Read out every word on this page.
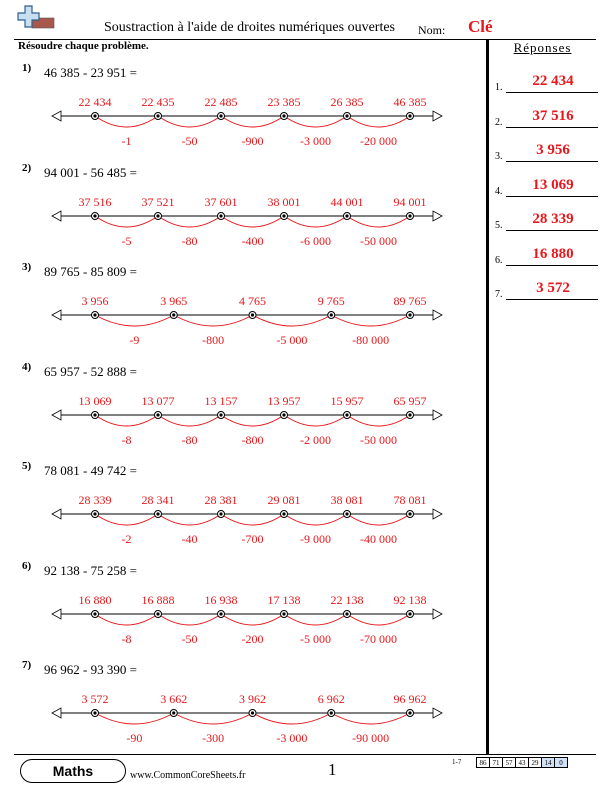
Soustraction à l'aide de droites numériques ouvertes Nom: Clé
Résoudre chaque problème.	Réponses
1.	22 434
2.	37 516
3.	3 956
4.	13 069
5.	28 339
6.	16 880
7.	3 572
1) 46 385 - 23 951 =
-1	-50	-900	-3 000 -20 000
22 434	22 435	22 485	23 385	26 385	46 385
2) 94 001 - 56 485 =
-5	-80	-400	-6 000 -50 000
37 516	37 521	37 601	38 001	44 001	94 001
3) 89 765 - 85 809 =
-9	-800	-5 000	-80 000
3 956	3 965	4 765	9 765	89 765
4) 65 957 - 52 888 =
-8	-80	-800	-2 000 -50 000
13 069	13 077	13 157	13 957	15 957	65 957
5) 78 081 - 49 742 =
-2	-40	-700	-9 000 -40 000
28 339	28 341	28 381	29 081	38 081	78 081
6) 92 138 - 75 258 =
-8	-50	-200	-5 000 -70 000
16 880	16 888	16 938	17 138	22 138	92 138
7) 96 962 - 93 390 =
-90	-300	-3 000	-90 000
3 572	3 662	3 962	6 962	96 962
Maths	www.CommonCoreSheets.fr	1	1-7	86	71	57	43	29	14	0
